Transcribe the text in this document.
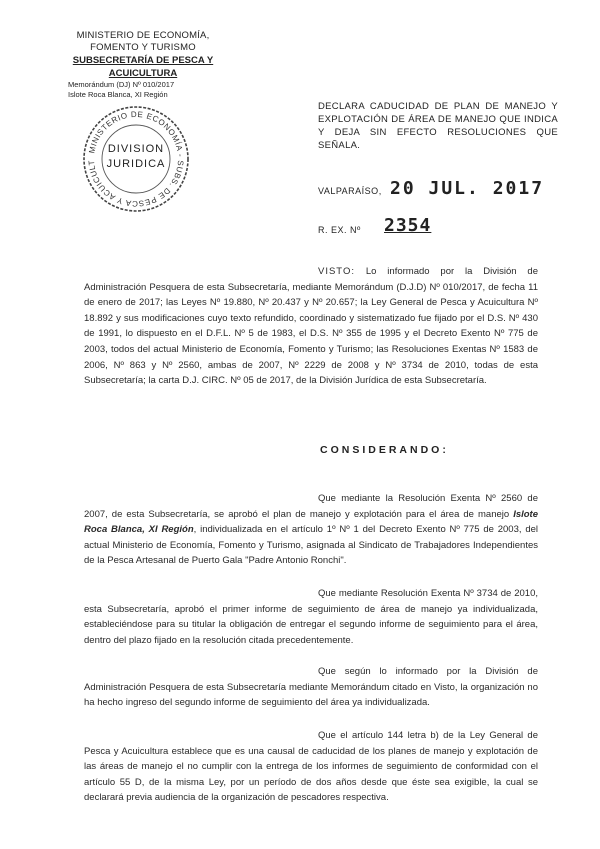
MINISTERIO DE ECONOMÍA,
FOMENTO Y TURISMO
SUBSECRETARÍA DE PESCA Y ACUICULTURA
Memorándum (DJ) Nº 010/2017
Islote Roca Blanca, XI Región
MINISTERIO DE ECONOMÍA - SUBS. DE PESCA Y ACUICULT
DIVISION
JURIDICA
DECLARA CADUCIDAD DE PLAN DE MANEJO Y EXPLOTACIÓN DE ÁREA DE MANEJO QUE INDICA Y DEJA SIN EFECTO RESOLUCIONES QUE SEÑALA.
VALPARAÍSO, 20 JUL. 2017
R. EX. Nº 2354
VISTO: Lo informado por la División de Administración Pesquera de esta Subsecretaría, mediante Memorándum (D.J.D) Nº 010/2017, de fecha 11 de enero de 2017; las Leyes Nº 19.880, Nº 20.437 y Nº 20.657; la Ley General de Pesca y Acuicultura Nº 18.892 y sus modificaciones cuyo texto refundido, coordinado y sistematizado fue fijado por el D.S. Nº 430 de 1991, lo dispuesto en el D.F.L. Nº 5 de 1983, el D.S. Nº 355 de 1995 y el Decreto Exento Nº 775 de 2003, todos del actual Ministerio de Economía, Fomento y Turismo; las Resoluciones Exentas Nº 1583 de 2006, Nº 863 y Nº 2560, ambas de 2007, Nº 2229 de 2008 y Nº 3734 de 2010, todas de esta Subsecretaría; la carta D.J. CIRC. Nº 05 de 2017, de la División Jurídica de esta Subsecretaría.
CONSIDERANDO:
Que mediante la Resolución Exenta Nº 2560 de 2007, de esta Subsecretaría, se aprobó el plan de manejo y explotación para el área de manejo Islote Roca Blanca, XI Región, individualizada en el artículo 1º Nº 1 del Decreto Exento Nº 775 de 2003, del actual Ministerio de Economía, Fomento y Turismo, asignada al Sindicato de Trabajadores Independientes de la Pesca Artesanal de Puerto Gala "Padre Antonio Ronchi".
Que mediante Resolución Exenta Nº 3734 de 2010, esta Subsecretaría, aprobó el primer informe de seguimiento de área de manejo ya individualizada, estableciéndose para su titular la obligación de entregar el segundo informe de seguimiento para el área, dentro del plazo fijado en la resolución citada precedentemente.
Que según lo informado por la División de Administración Pesquera de esta Subsecretaría mediante Memorándum citado en Visto, la organización no ha hecho ingreso del segundo informe de seguimiento del área ya individualizada.
Que el artículo 144 letra b) de la Ley General de Pesca y Acuicultura establece que es una causal de caducidad de los planes de manejo y explotación de las áreas de manejo el no cumplir con la entrega de los informes de seguimiento de conformidad con el artículo 55 D, de la misma Ley, por un período de dos años desde que éste sea exigible, la cual se declarará previa audiencia de la organización de pescadores respectiva.
